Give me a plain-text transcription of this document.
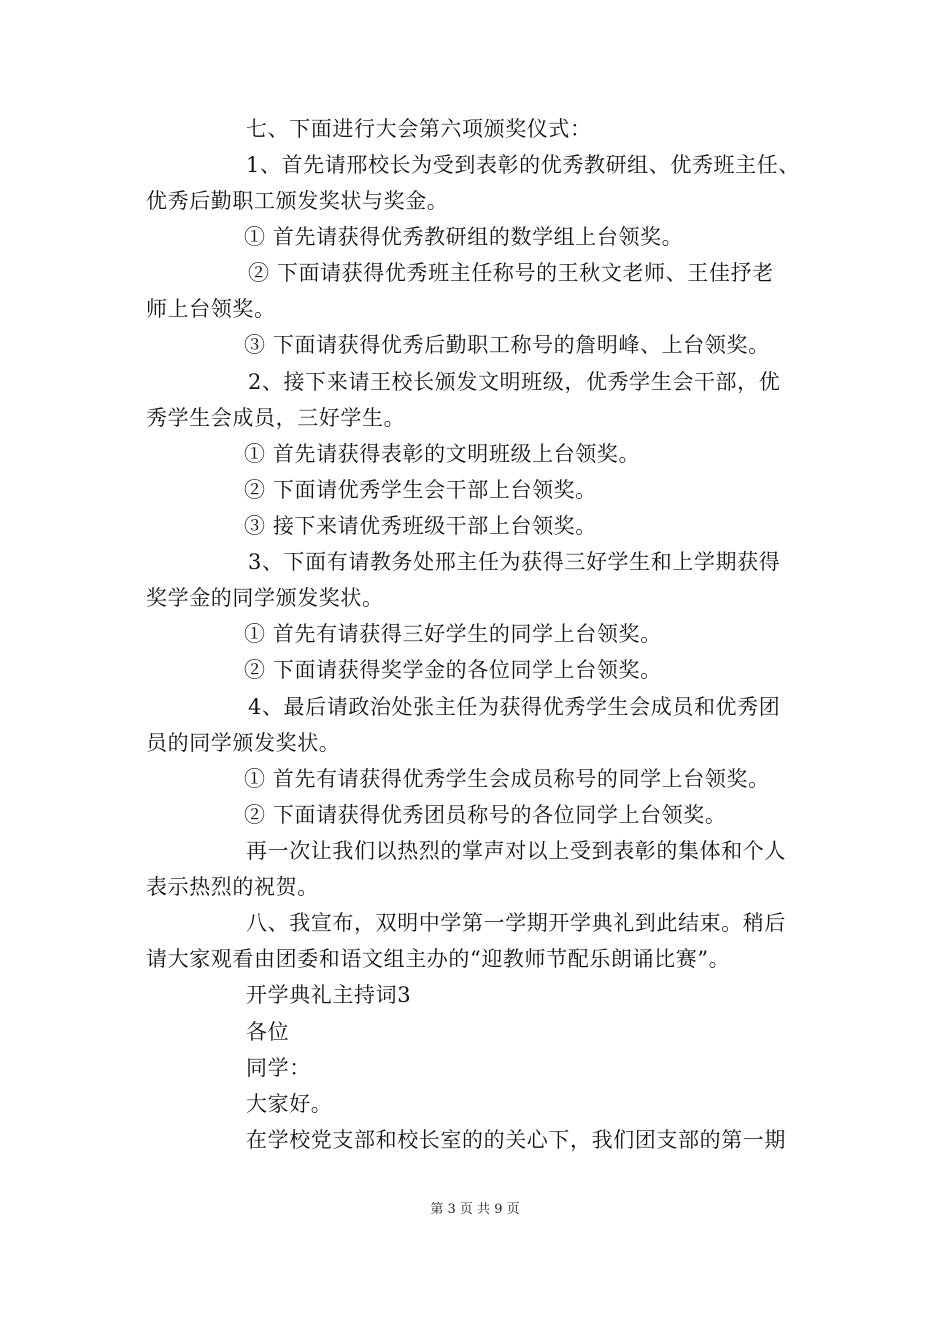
七、下面进行大会第六项颁奖仪式：
1、首先请邢校长为受到表彰的优秀教研组、优秀班主任、
优秀后勤职工颁发奖状与奖金。
① 首先请获得优秀教研组的数学组上台领奖。
② 下面请获得优秀班主任称号的王秋文老师、王佳抒老
师上台领奖。
③ 下面请获得优秀后勤职工称号的詹明峰、上台领奖。
2、接下来请王校长颁发文明班级，优秀学生会干部，优
秀学生会成员，三好学生。
① 首先请获得表彰的文明班级上台领奖。
② 下面请优秀学生会干部上台领奖。
③ 接下来请优秀班级干部上台领奖。
3、下面有请教务处邢主任为获得三好学生和上学期获得
奖学金的同学颁发奖状。
① 首先有请获得三好学生的同学上台领奖。
② 下面请获得奖学金的各位同学上台领奖。
4、最后请政治处张主任为获得优秀学生会成员和优秀团
员的同学颁发奖状。
① 首先有请获得优秀学生会成员称号的同学上台领奖。
② 下面请获得优秀团员称号的各位同学上台领奖。
再一次让我们以热烈的掌声对以上受到表彰的集体和个人
表示热烈的祝贺。
八、我宣布，双明中学第一学期开学典礼到此结束。稍后
请大家观看由团委和语文组主办的“迎教师节配乐朗诵比赛”。
开学典礼主持词3
各位
同学：
大家好。
在学校党支部和校长室的的关心下，我们团支部的第一期
第 3 页 共 9 页
